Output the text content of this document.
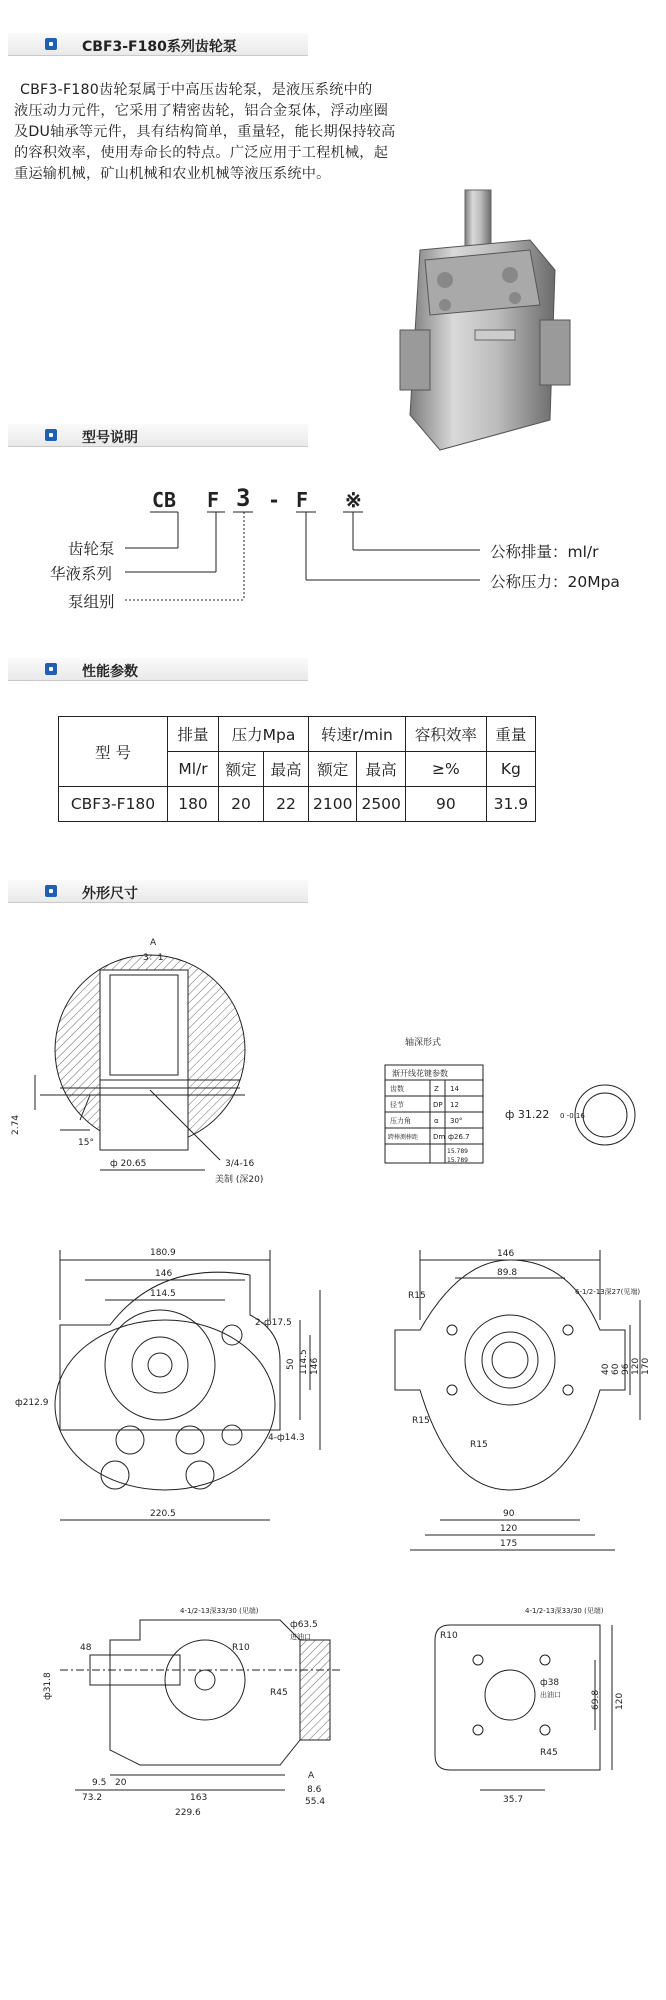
CBF3-F180系列齿轮泵
CBF3-F180齿轮泵属于中高压齿轮泵，是液压系统中的
液压动力元件，它采用了精密齿轮，铝合金泵体，浮动座圈
及DU轴承等元件，具有结构简单，重量轻，能长期保持较高
的容积效率，使用寿命长的特点。广泛应用于工程机械，起
重运输机械，矿山机械和农业机械等液压系统中。
型号说明
CB F 3 - F ※
齿轮泵
华液系列
泵组别
公称排量：ml/r
公称压力：20Mpa
性能参数
型 号	排量	压力Mpa		转速r/min		容积效率	重量
	Ml/r	额定	最高	额定	最高	≥%	Kg
CBF3-F180	180	20	22	2100	2500	90	31.9
外形尺寸
A
3：1
2.74
15°
ф 20.65	3/4-16
美制 (深20)
轴深形式
渐开线花键参数
齿数	Z 14
径节	DP 12
压力角	α 30°
跨棒测棒距 Dm ф26.7
15.789
15.789
ф 31.22 0 -0.16
180.9
146
114.5
220.5
ф212.9
2-ф17.5
4-ф14.3
50 114.5 146
146
89.8
6-1/2-13深27(见端)
R15
R15
R15
90
120
175
40 60 96 120 170
4-1/2-13深33/30 (见端)
ф63.5
进油口
ф31.8
48
9.5 20
73.2	163
229.6
8.6
55.4
A
R10
R45
4-1/2-13深33/30 (见端)
R10
ф38
出油口
R45
69.8 120
35.7
